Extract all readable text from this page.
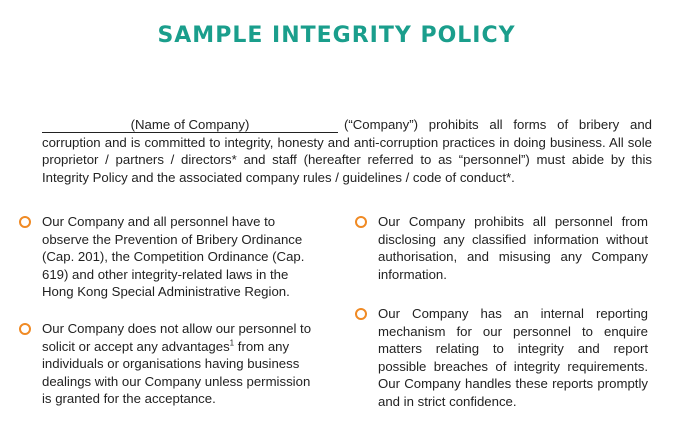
SAMPLE INTEGRITY POLICY

(Name of Company)	(“Company”) prohibits all forms of bribery and corruption and is committed to integrity, honesty and anti-corruption practices in doing business. All sole proprietor / partners / directors* and staff (hereafter referred to as “personnel”) must abide by this Integrity Policy and the associated company rules / guidelines / code of conduct*.

Our Company and all personnel have to observe the Prevention of Bribery Ordinance (Cap. 201), the Competition Ordinance (Cap. 619) and other integrity-related laws in the Hong Kong Special Administrative Region.
Our Company does not allow our personnel to solicit or accept any advantages$^1$ from any individuals or organisations having business dealings with our Company unless permission is granted for the acceptance.
Our Company prohibits all personnel from disclosing any classified information without authorisation, and misusing any Company information.
Our Company has an internal reporting mechanism for our personnel to enquire matters relating to integrity and report possible breaches of integrity requirements. Our Company handles these reports promptly and in strict confidence.
